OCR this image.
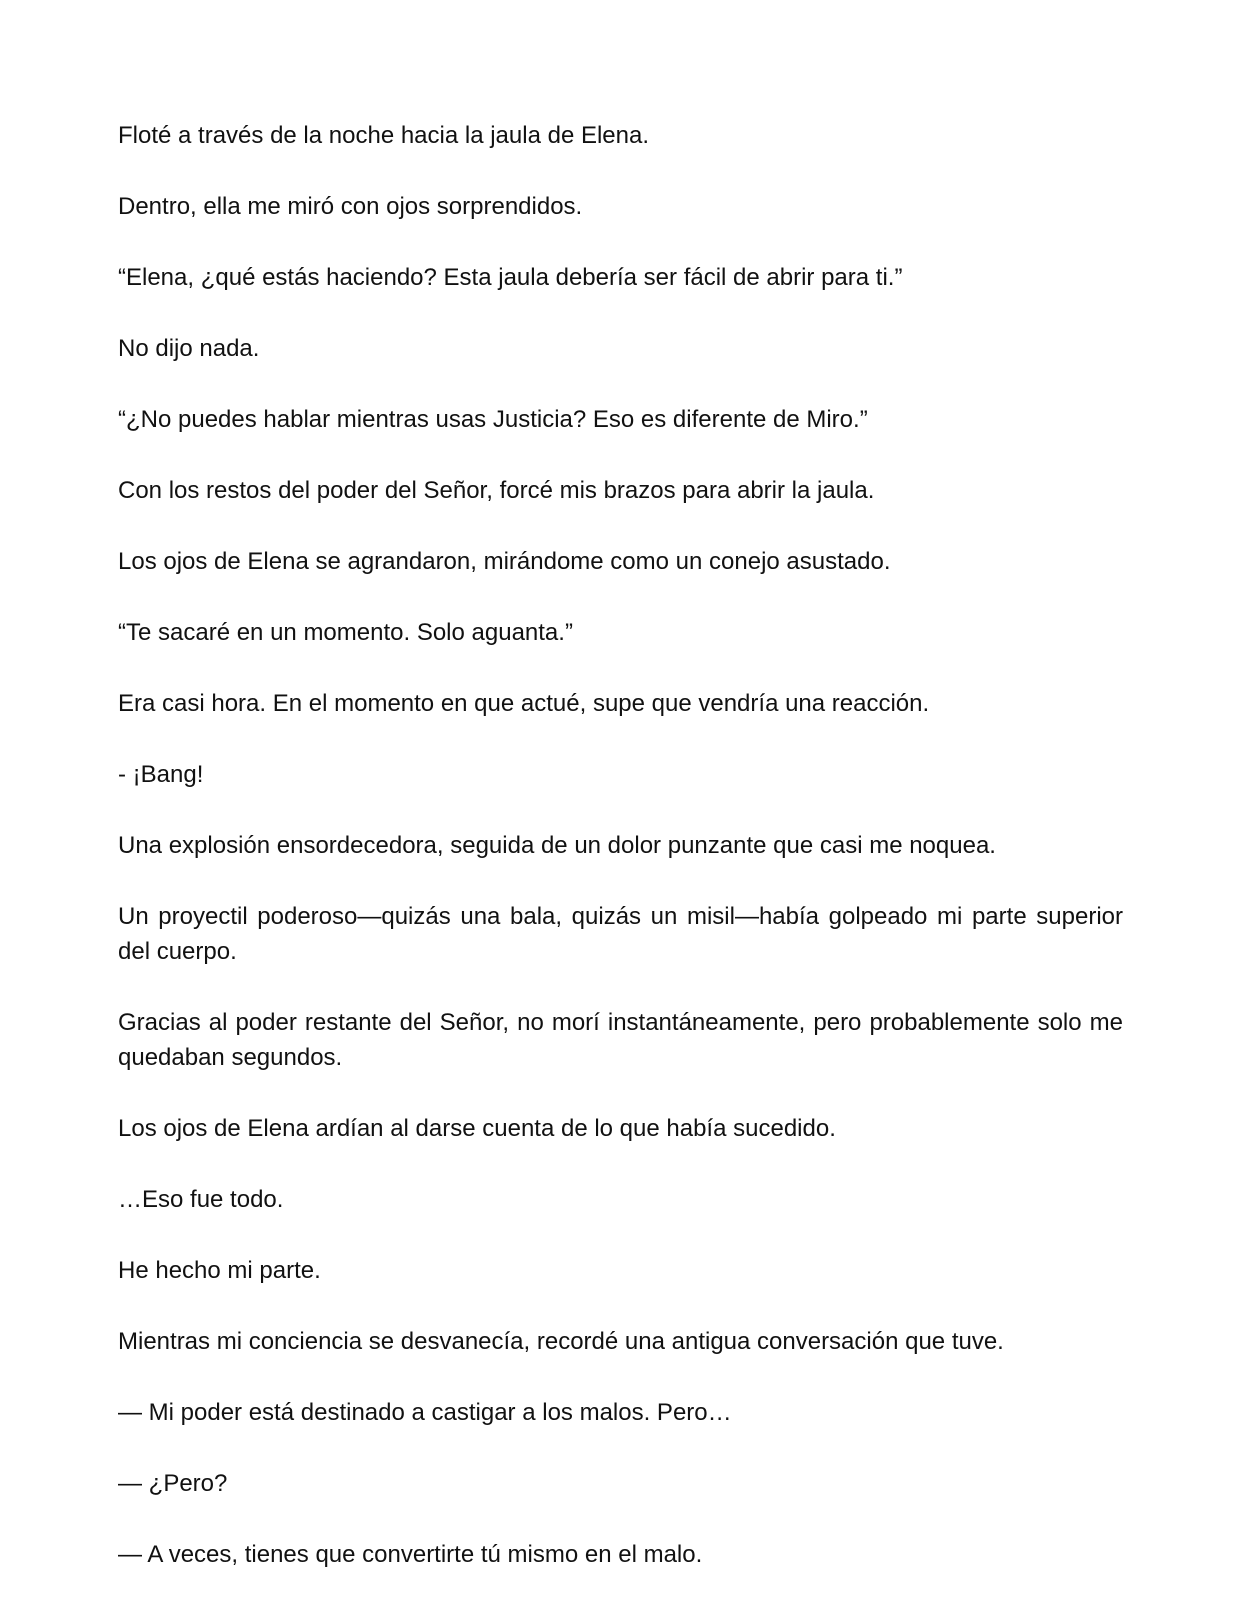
Floté a través de la noche hacia la jaula de Elena.

Dentro, ella me miró con ojos sorprendidos.

“Elena, ¿qué estás haciendo? Esta jaula debería ser fácil de abrir para ti.”

No dijo nada.

“¿No puedes hablar mientras usas Justicia? Eso es diferente de Miro.”

Con los restos del poder del Señor, forcé mis brazos para abrir la jaula.

Los ojos de Elena se agrandaron, mirándome como un conejo asustado.

“Te sacaré en un momento. Solo aguanta.”

Era casi hora. En el momento en que actué, supe que vendría una reacción.

- ¡Bang!

Una explosión ensordecedora, seguida de un dolor punzante que casi me noquea.

Un proyectil poderoso—quizás una bala, quizás un misil—había golpeado mi parte superior del cuerpo.

Gracias al poder restante del Señor, no morí instantáneamente, pero probablemente solo me quedaban segundos.

Los ojos de Elena ardían al darse cuenta de lo que había sucedido.

…Eso fue todo.

He hecho mi parte.

Mientras mi conciencia se desvanecía, recordé una antigua conversación que tuve.

— Mi poder está destinado a castigar a los malos. Pero…

— ¿Pero?

— A veces, tienes que convertirte tú mismo en el malo.
